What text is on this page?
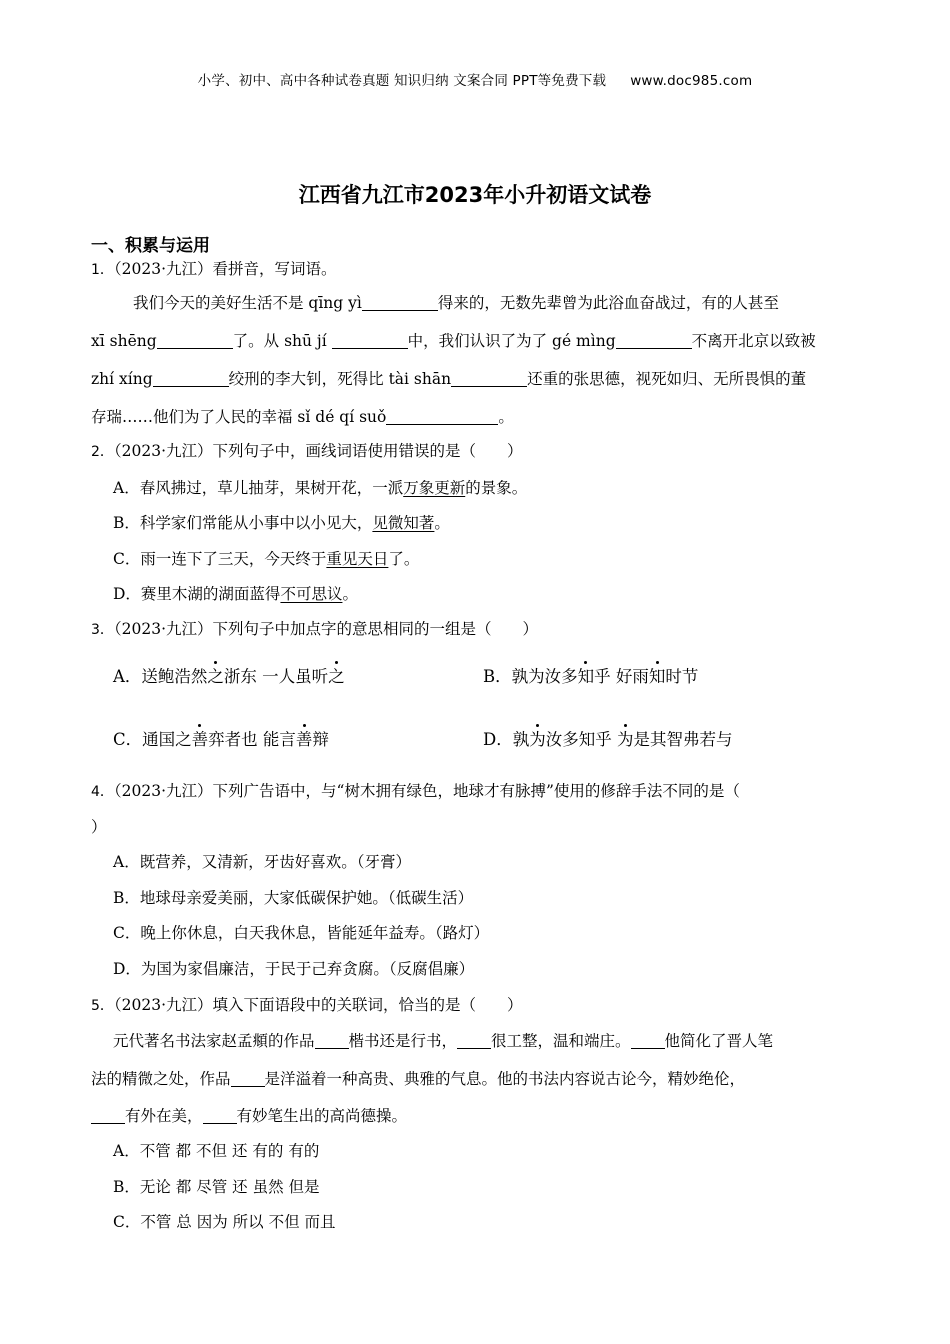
小学、初中、高中各种试卷真题 知识归纳 文案合同 PPT等免费下载 www.doc985.com
江西省九江市2023年小升初语文试卷
一、积累与运用
1．（2023·九江）看拼音，写词语。
我们今天的美好生活不是 qīng yì	得来的，无数先辈曾为此浴血奋战过，有的人甚至
xī shēng	了。从 shū jí	中，我们认识了为了 gé mìng	不离开北京以致被
zhí xíng	绞刑的李大钊，死得比 tài shān	还重的张思德，视死如归、无所畏惧的董
存瑞……他们为了人民的幸福 sǐ dé qí suǒ	。
2．（2023·九江）下列句子中，画线词语使用错误的是（　　）
A．春风拂过，草儿抽芽，果树开花，一派万象更新的景象。
B．科学家们常能从小事中以小见大，见微知著。
C．雨一连下了三天，今天终于重见天日了。
D．赛里木湖的湖面蓝得不可思议。
3．（2023·九江）下列句子中加点字的意思相同的一组是（　　）
A．送鲍浩然之浙东 一人虽听之	B．孰为汝多知乎 好雨知时节
C．通国之善弈者也 能言善辩	D．孰为汝多知乎 为是其智弗若与
4．（2023·九江）下列广告语中，与“树木拥有绿色，地球才有脉搏”使用的修辞手法不同的是（
）
A．既营养，又清新，牙齿好喜欢。（牙膏）
B．地球母亲爱美丽，大家低碳保护她。（低碳生活）
C．晚上你休息，白天我休息，皆能延年益寿。（路灯）
D．为国为家倡廉洁，于民于己弃贪腐。（反腐倡廉）
5．（2023·九江）填入下面语段中的关联词，恰当的是（　　）
元代著名书法家赵孟頫的作品 楷书还是行书， 很工整，温和端庄。 他简化了晋人笔
法的精微之处，作品 是洋溢着一种高贵、典雅的气息。他的书法内容说古论今，精妙绝伦，
有外在美， 有妙笔生出的高尚德操。
A．不管 都 不但 还 有的 有的
B．无论 都 尽管 还 虽然 但是
C．不管 总 因为 所以 不但 而且
